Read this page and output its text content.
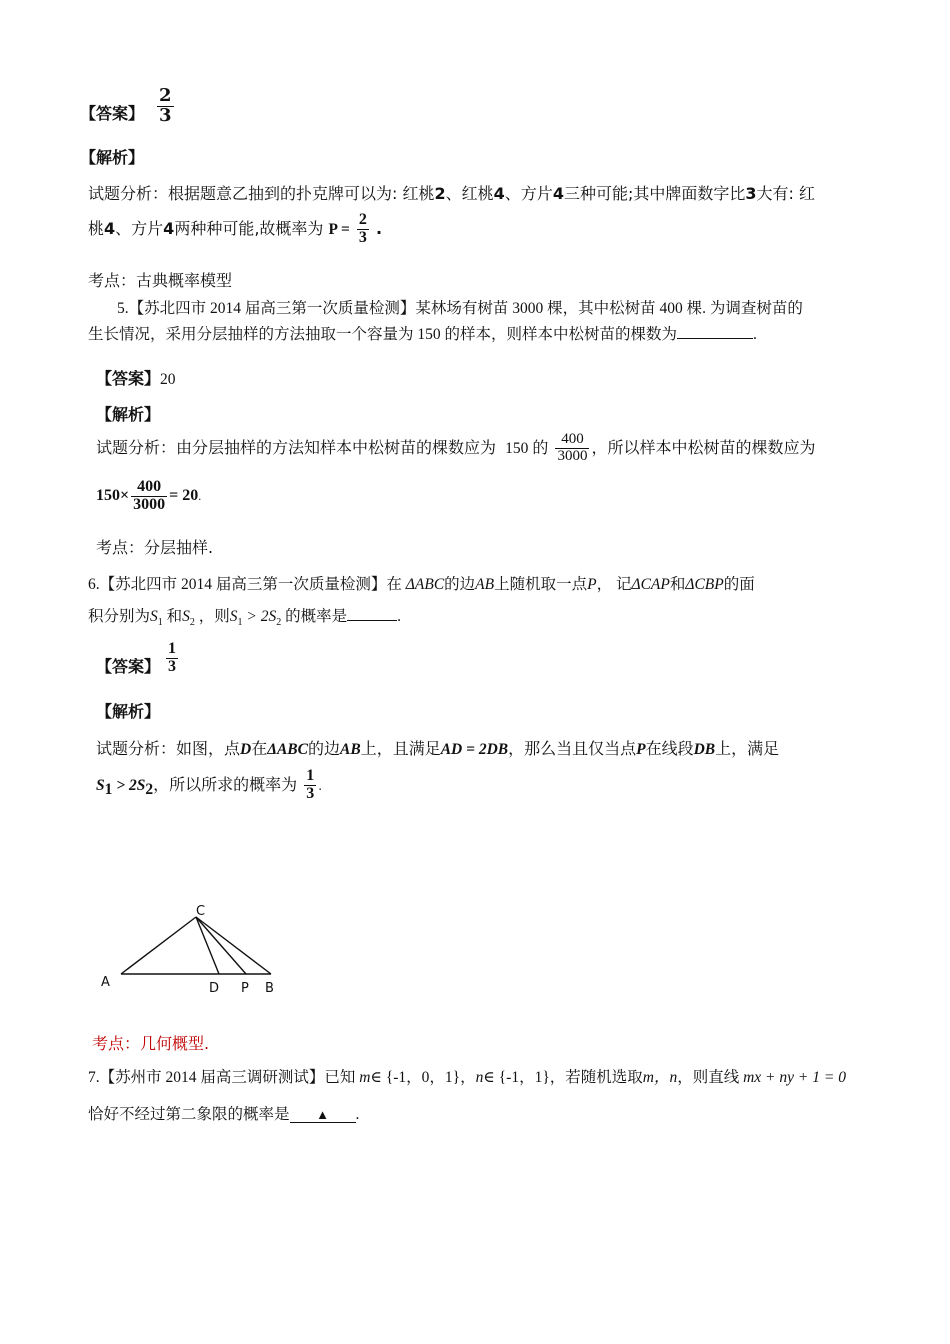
【答案】 $\frac{2}{3}$
【解析】
试题分析：根据题意乙抽到的扑克牌可以为: 红桃2、红桃4、方片4三种可能;其中牌面数字比3大有: 红
桃4、方片4两种种可能,故概率为 $P = \frac{2}{3}$ .
考点：古典概率模型
5.【苏北四市 2014 届高三第一次质量检测】某林场有树苗 3000 棵，其中松树苗 400 棵. 为调查树苗的
生长情况，采用分层抽样的方法抽取一个容量为 150 的样本，则样本中松树苗的棵数为	.
【答案】20
【解析】
试题分析：由分层抽样的方法知样本中松树苗的棵数应为 150 的 $\frac{400}{3000}$ ，所以样本中松树苗的棵数应为
$150\times \frac{400}{3000} = 20$.
考点：分层抽样.
6.【苏北四市 2014 届高三第一次质量检测】在 ΔABC的边AB上随机取一点P， 记ΔCAP和ΔCBP的面
积分别为$S_1$ 和$S_2$ ，则$S_1 > 2S_2$ 的概率是	.
【答案】 $\frac{1}{3}$
【解析】
试题分析：如图，点D在ΔABC的边AB上，且满足AD = 2DB，那么当且仅当点P在线段DB上，满足
$S_1 > 2S_2$，所以所求的概率为 $\frac{1}{3}$ .
C
A	D P B
考点：几何概型.
7.【苏州市 2014 届高三调研测试】已知 m∈ {-1，0，1}，n∈ {-1，1}，若随机选取m，n，则直线 mx + ny + 1 = 0
恰好不经过第二象限的概率是 ▲ .
